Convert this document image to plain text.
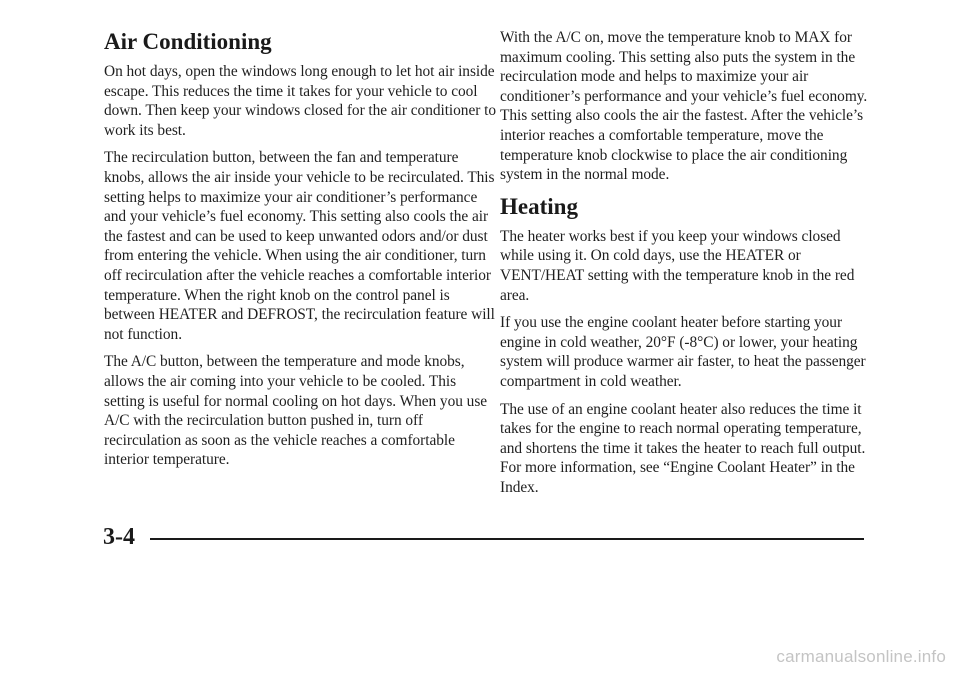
Air Conditioning

On hot days, open the windows long enough to let hot air inside escape. This reduces the time it takes for your vehicle to cool down. Then keep your windows closed for the air conditioner to work its best.

The recirculation button, between the fan and temperature knobs, allows the air inside your vehicle to be recirculated. This setting helps to maximize your air conditioner’s performance and your vehicle’s fuel economy. This setting also cools the air the fastest and can be used to keep unwanted odors and/or dust from entering the vehicle. When using the air conditioner, turn off recirculation after the vehicle reaches a comfortable interior temperature. When the right knob on the control panel is between HEATER and DEFROST, the recirculation feature will not function.

The A/C button, between the temperature and mode knobs, allows the air coming into your vehicle to be cooled. This setting is useful for normal cooling on hot days. When you use A/C with the recirculation button pushed in, turn off recirculation as soon as the vehicle reaches a comfortable interior temperature.

With the A/C on, move the temperature knob to MAX for maximum cooling. This setting also puts the system in the recirculation mode and helps to maximize your air conditioner’s performance and your vehicle’s fuel economy. This setting also cools the air the fastest. After the vehicle’s interior reaches a comfortable temperature, move the temperature knob clockwise to place the air conditioning system in the normal mode.

Heating

The heater works best if you keep your windows closed while using it. On cold days, use the HEATER or VENT/HEAT setting with the temperature knob in the red area.

If you use the engine coolant heater before starting your engine in cold weather, 20°F (-8°C) or lower, your heating system will produce warmer air faster, to heat the passenger compartment in cold weather.

The use of an engine coolant heater also reduces the time it takes for the engine to reach normal operating temperature, and shortens the time it takes the heater to reach full output. For more information, see “Engine Coolant Heater” in the Index.

3-4
carmanualsonline.info
